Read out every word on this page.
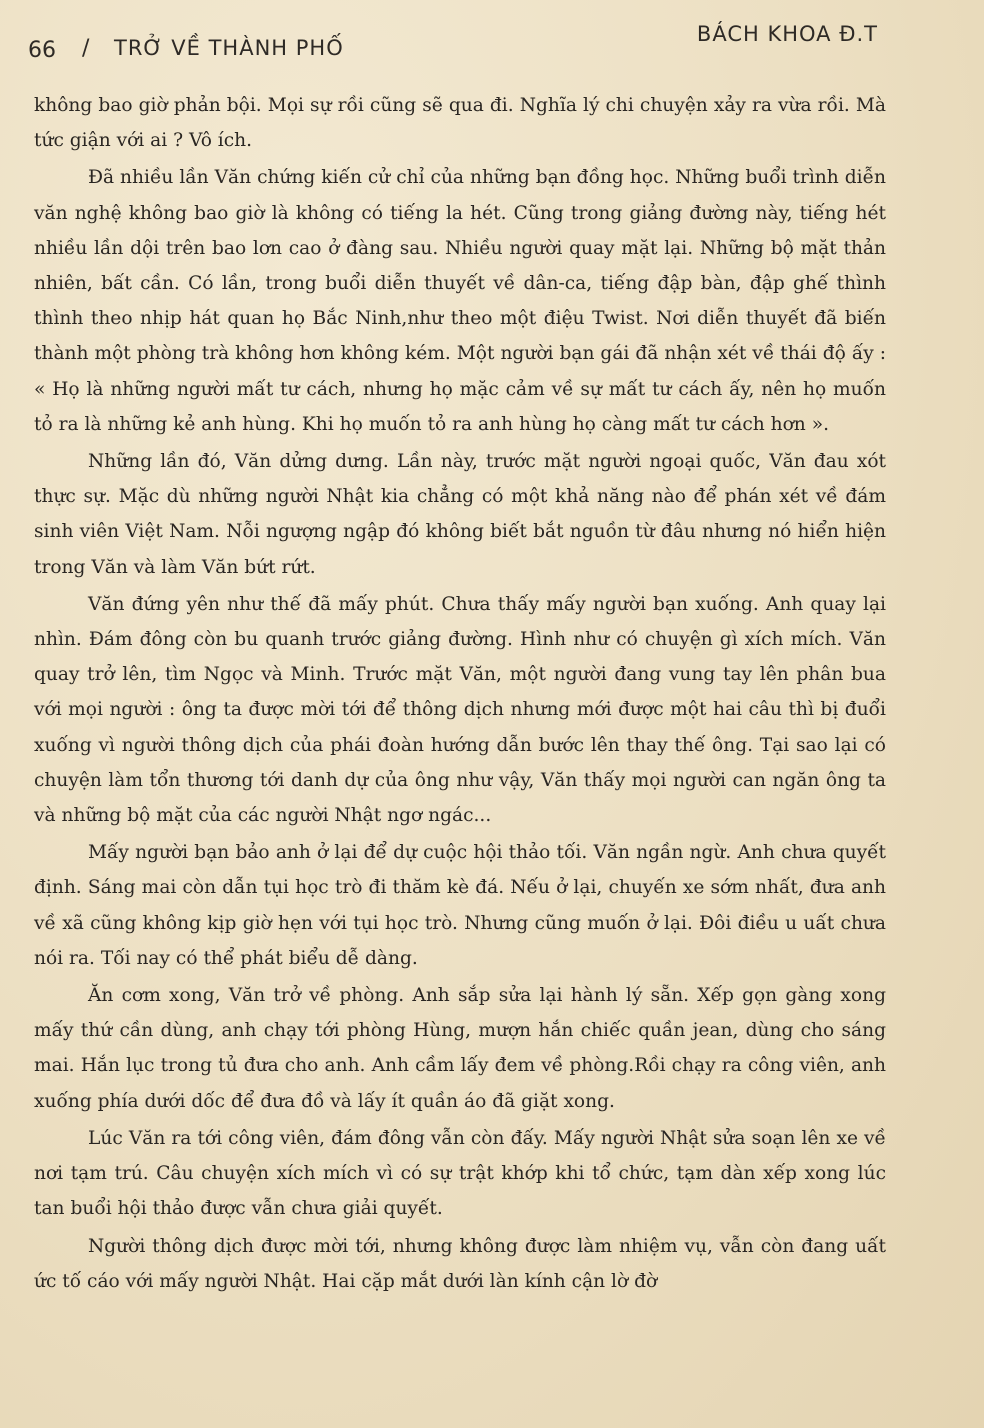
66 / TRỞ VỀ THÀNH PHỐ
BÁCH KHOA Đ.T

không bao giờ phản bội. Mọi sự rồi cũng sẽ qua đi. Nghĩa lý chi chuyện xảy ra vừa rồi. Mà tức giận với ai ? Vô ích.

Đã nhiều lần Văn chứng kiến cử chỉ của những bạn đồng học. Những buổi trình diễn văn nghệ không bao giờ là không có tiếng la hét. Cũng trong giảng đường này, tiếng hét nhiều lần dội trên bao lơn cao ở đàng sau. Nhiều người quay mặt lại. Những bộ mặt thản nhiên, bất cần. Có lần, trong buổi diễn thuyết về dân-ca, tiếng đập bàn, đập ghế thình thình theo nhịp hát quan họ Bắc Ninh,như theo một điệu Twist. Nơi diễn thuyết đã biến thành một phòng trà không hơn không kém. Một người bạn gái đã nhận xét về thái độ ấy : « Họ là những người mất tư cách, nhưng họ mặc cảm về sự mất tư cách ấy, nên họ muốn tỏ ra là những kẻ anh hùng. Khi họ muốn tỏ ra anh hùng họ càng mất tư cách hơn ».

Những lần đó, Văn dửng dưng. Lần này, trước mặt người ngoại quốc, Văn đau xót thực sự. Mặc dù những người Nhật kia chẳng có một khả năng nào để phán xét về đám sinh viên Việt Nam. Nỗi ngượng ngập đó không biết bắt nguồn từ đâu nhưng nó hiển hiện trong Văn và làm Văn bứt rứt.

Văn đứng yên như thế đã mấy phút. Chưa thấy mấy người bạn xuống. Anh quay lại nhìn. Đám đông còn bu quanh trước giảng đường. Hình như có chuyện gì xích mích. Văn quay trở lên, tìm Ngọc và Minh. Trước mặt Văn, một người đang vung tay lên phân bua với mọi người : ông ta được mời tới để thông dịch nhưng mới được một hai câu thì bị đuổi xuống vì người thông dịch của phái đoàn hướng dẫn bước lên thay thế ông. Tại sao lại có chuyện làm tổn thương tới danh dự của ông như vậy, Văn thấy mọi người can ngăn ông ta và những bộ mặt của các người Nhật ngơ ngác...

Mấy người bạn bảo anh ở lại để dự cuộc hội thảo tối. Văn ngần ngừ. Anh chưa quyết định. Sáng mai còn dẫn tụi học trò đi thăm kè đá. Nếu ở lại, chuyến xe sớm nhất, đưa anh về xã cũng không kịp giờ hẹn với tụi học trò. Nhưng cũng muốn ở lại. Đôi điều u uất chưa nói ra. Tối nay có thể phát biểu dễ dàng.

Ăn cơm xong, Văn trở về phòng. Anh sắp sửa lại hành lý sẵn. Xếp gọn gàng xong mấy thứ cần dùng, anh chạy tới phòng Hùng, mượn hắn chiếc quần jean, dùng cho sáng mai. Hắn lục trong tủ đưa cho anh. Anh cầm lấy đem về phòng.Rồi chạy ra công viên, anh xuống phía dưới dốc để đưa đồ và lấy ít quần áo đã giặt xong.

Lúc Văn ra tới công viên, đám đông vẫn còn đấy. Mấy người Nhật sửa soạn lên xe về nơi tạm trú. Câu chuyện xích mích vì có sự trật khớp khi tổ chức, tạm dàn xếp xong lúc tan buổi hội thảo được vẫn chưa giải quyết.

Người thông dịch được mời tới, nhưng không được làm nhiệm vụ, vẫn còn đang uất ức tố cáo với mấy người Nhật. Hai cặp mắt dưới làn kính cận lờ đờ
